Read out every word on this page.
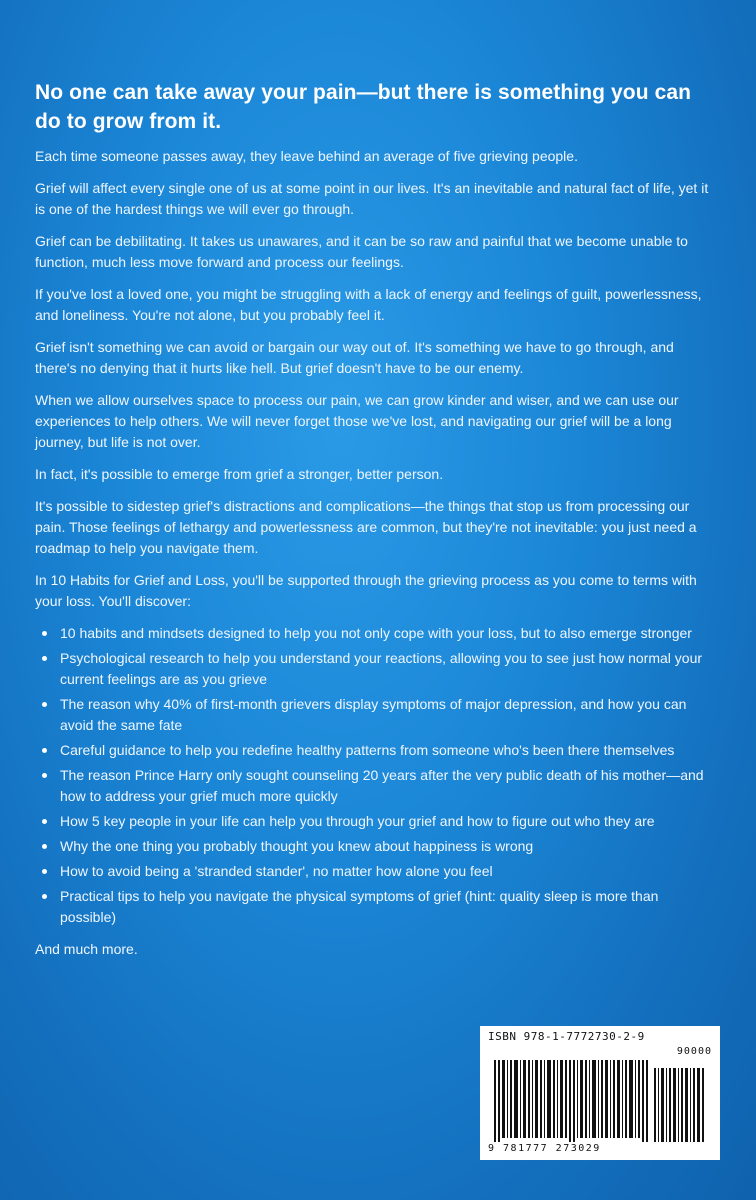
No one can take away your pain—but there is something you can do to grow from it.

Each time someone passes away, they leave behind an average of five grieving people.

Grief will affect every single one of us at some point in our lives. It's an inevitable and natural fact of life, yet it is one of the hardest things we will ever go through.

Grief can be debilitating. It takes us unawares, and it can be so raw and painful that we become unable to function, much less move forward and process our feelings.

If you've lost a loved one, you might be struggling with a lack of energy and feelings of guilt, powerlessness, and loneliness. You're not alone, but you probably feel it.

Grief isn't something we can avoid or bargain our way out of. It's something we have to go through, and there's no denying that it hurts like hell. But grief doesn't have to be our enemy.

When we allow ourselves space to process our pain, we can grow kinder and wiser, and we can use our experiences to help others. We will never forget those we've lost, and navigating our grief will be a long journey, but life is not over.

In fact, it's possible to emerge from grief a stronger, better person.

It's possible to sidestep grief's distractions and complications—the things that stop us from processing our pain. Those feelings of lethargy and powerlessness are common, but they're not inevitable: you just need a roadmap to help you navigate them.

In 10 Habits for Grief and Loss, you'll be supported through the grieving process as you come to terms with your loss. You'll discover:

10 habits and mindsets designed to help you not only cope with your loss, but to also emerge stronger
Psychological research to help you understand your reactions, allowing you to see just how normal your current feelings are as you grieve
The reason why 40% of first-month grievers display symptoms of major depression, and how you can avoid the same fate
Careful guidance to help you redefine healthy patterns from someone who's been there themselves
The reason Prince Harry only sought counseling 20 years after the very public death of his mother—and how to address your grief much more quickly
How 5 key people in your life can help you through your grief and how to figure out who they are
Why the one thing you probably thought you knew about happiness is wrong
How to avoid being a 'stranded stander', no matter how alone you feel
Practical tips to help you navigate the physical symptoms of grief (hint: quality sleep is more than possible)
And much more.
ISBN 978-1-7772730-2-9
90000
9 781777 273029
